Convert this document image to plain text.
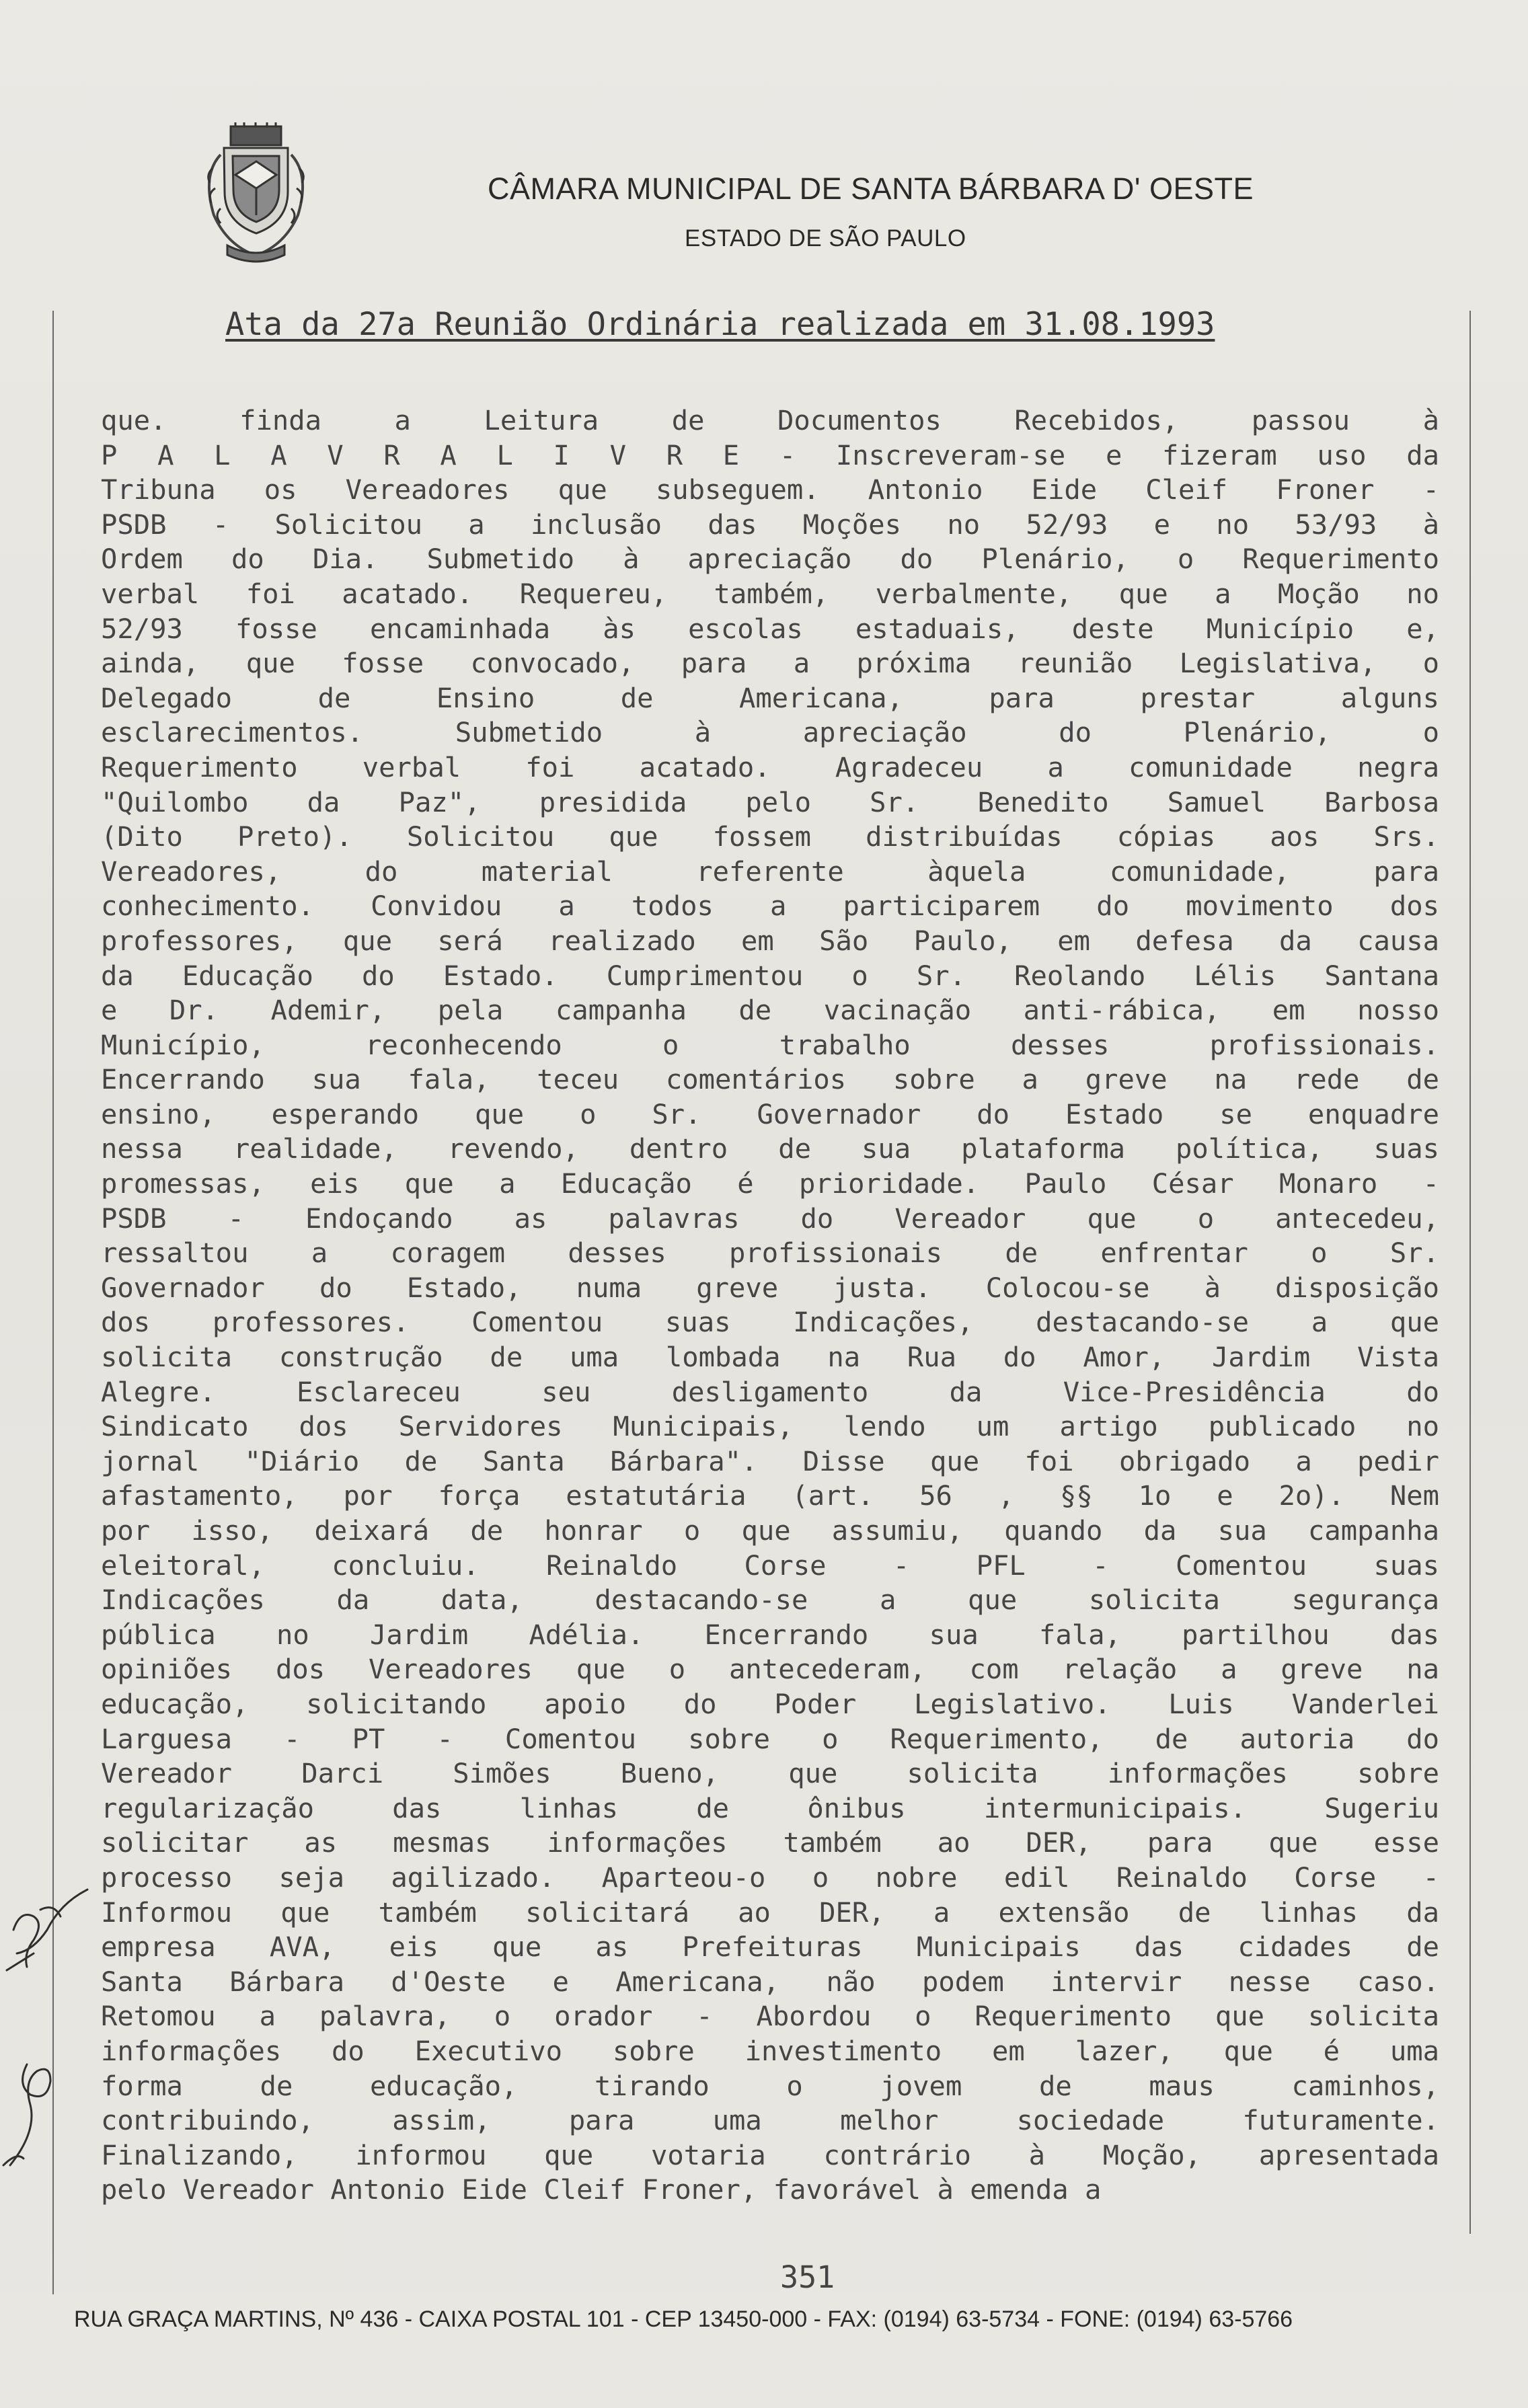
CÂMARA MUNICIPAL DE SANTA BÁRBARA D' OESTE
ESTADO DE SÃO PAULO
Ata da 27a Reunião Ordinária realizada em 31.08.1993
que. finda a Leitura de Documentos Recebidos, passou à
P A L A V R A L I V R E - Inscreveram-se e fizeram uso da
Tribuna os Vereadores que subseguem. Antonio Eide Cleif Froner -
PSDB - Solicitou a inclusão das Moções no 52/93 e no 53/93 à
Ordem do Dia. Submetido à apreciação do Plenário, o Requerimento
verbal foi acatado. Requereu, também, verbalmente, que a Moção no
52/93 fosse encaminhada às escolas estaduais, deste Município e,
ainda, que fosse convocado, para a próxima reunião Legislativa, o
Delegado de Ensino de Americana, para prestar alguns
esclarecimentos. Submetido à apreciação do Plenário, o
Requerimento verbal foi acatado. Agradeceu a comunidade negra
"Quilombo da Paz", presidida pelo Sr. Benedito Samuel Barbosa
(Dito Preto). Solicitou que fossem distribuídas cópias aos Srs.
Vereadores, do material referente àquela comunidade, para
conhecimento. Convidou a todos a participarem do movimento dos
professores, que será realizado em São Paulo, em defesa da causa
da Educação do Estado. Cumprimentou o Sr. Reolando Lélis Santana
e Dr. Ademir, pela campanha de vacinação anti-rábica, em nosso
Município, reconhecendo o trabalho desses profissionais.
Encerrando sua fala, teceu comentários sobre a greve na rede de
ensino, esperando que o Sr. Governador do Estado se enquadre
nessa realidade, revendo, dentro de sua plataforma política, suas
promessas, eis que a Educação é prioridade. Paulo César Monaro -
PSDB - Endoçando as palavras do Vereador que o antecedeu,
ressaltou a coragem desses profissionais de enfrentar o Sr.
Governador do Estado, numa greve justa. Colocou-se à disposição
dos professores. Comentou suas Indicações, destacando-se a que
solicita construção de uma lombada na Rua do Amor, Jardim Vista
Alegre. Esclareceu seu desligamento da Vice-Presidência do
Sindicato dos Servidores Municipais, lendo um artigo publicado no
jornal "Diário de Santa Bárbara". Disse que foi obrigado a pedir
afastamento, por força estatutária (art. 56 , §§ 1o e 2o). Nem
por isso, deixará de honrar o que assumiu, quando da sua campanha
eleitoral, concluiu. Reinaldo Corse - PFL - Comentou suas
Indicações da data, destacando-se a que solicita segurança
pública no Jardim Adélia. Encerrando sua fala, partilhou das
opiniões dos Vereadores que o antecederam, com relação a greve na
educação, solicitando apoio do Poder Legislativo. Luis Vanderlei
Larguesa - PT - Comentou sobre o Requerimento, de autoria do
Vereador Darci Simões Bueno, que solicita informações sobre
regularização das linhas de ônibus intermunicipais. Sugeriu
solicitar as mesmas informações também ao DER, para que esse
processo seja agilizado. Aparteou-o o nobre edil Reinaldo Corse -
Informou que também solicitará ao DER, a extensão de linhas da
empresa AVA, eis que as Prefeituras Municipais das cidades de
Santa Bárbara d'Oeste e Americana, não podem intervir nesse caso.
Retomou a palavra, o orador - Abordou o Requerimento que solicita
informações do Executivo sobre investimento em lazer, que é uma
forma de educação, tirando o jovem de maus caminhos,
contribuindo, assim, para uma melhor sociedade futuramente.
Finalizando, informou que votaria contrário à Moção, apresentada
pelo Vereador Antonio Eide Cleif Froner, favorável à emenda a
351
RUA GRAÇA MARTINS, Nº 436 - CAIXA POSTAL 101 - CEP 13450-000 - FAX: (0194) 63-5734 - FONE: (0194) 63-5766
